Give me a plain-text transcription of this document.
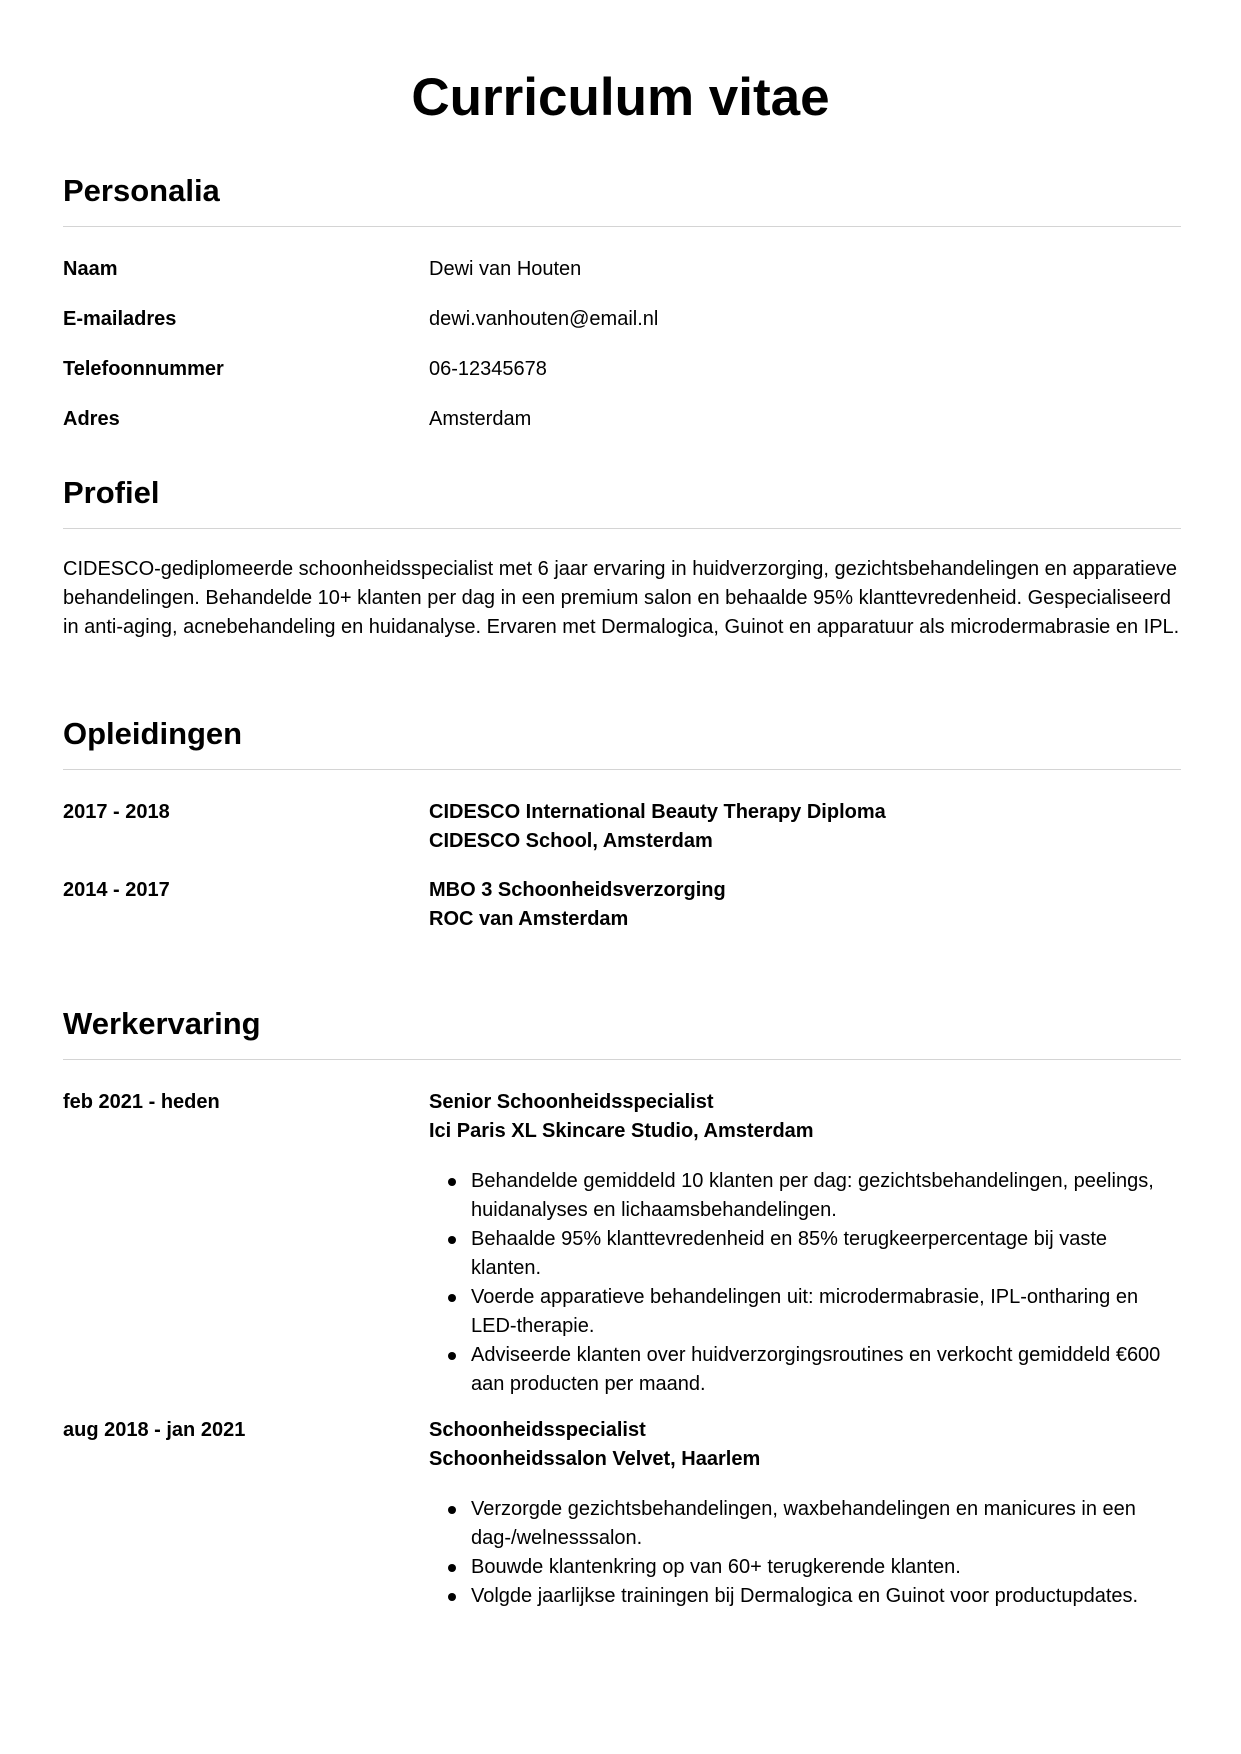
Curriculum vitae
Personalia
Naam	Dewi van Houten
E-mailadres	dewi.vanhouten@email.nl
Telefoonnummer	06-12345678
Adres	Amsterdam
Profiel
CIDESCO-gediplomeerde schoonheidsspecialist met 6 jaar ervaring in huidverzorging, gezichtsbehandelingen en apparatieve behandelingen. Behandelde 10+ klanten per dag in een premium salon en behaalde 95% klanttevredenheid. Gespecialiseerd in anti-aging, acnebehandeling en huidanalyse. Ervaren met Dermalogica, Guinot en apparatuur als microdermabrasie en IPL.
Opleidingen
2017 - 2018	CIDESCO International Beauty Therapy Diploma
CIDESCO School, Amsterdam
2014 - 2017	MBO 3 Schoonheidsverzorging
ROC van Amsterdam
Werkervaring
feb 2021 - heden	Senior Schoonheidsspecialist
Ici Paris XL Skincare Studio, Amsterdam
Behandelde gemiddeld 10 klanten per dag: gezichtsbehandelingen, peelings, huidanalyses en lichaamsbehandelingen.
Behaalde 95% klanttevredenheid en 85% terugkeerpercentage bij vaste klanten.
Voerde apparatieve behandelingen uit: microdermabrasie, IPL-ontharing en LED-therapie.
Adviseerde klanten over huidverzorgingsroutines en verkocht gemiddeld €600 aan producten per maand.
aug 2018 - jan 2021	Schoonheidsspecialist
Schoonheidssalon Velvet, Haarlem
Verzorgde gezichtsbehandelingen, waxbehandelingen en manicures in een dag-/welnesssalon.
Bouwde klantenkring op van 60+ terugkerende klanten.
Volgde jaarlijkse trainingen bij Dermalogica en Guinot voor productupdates.
